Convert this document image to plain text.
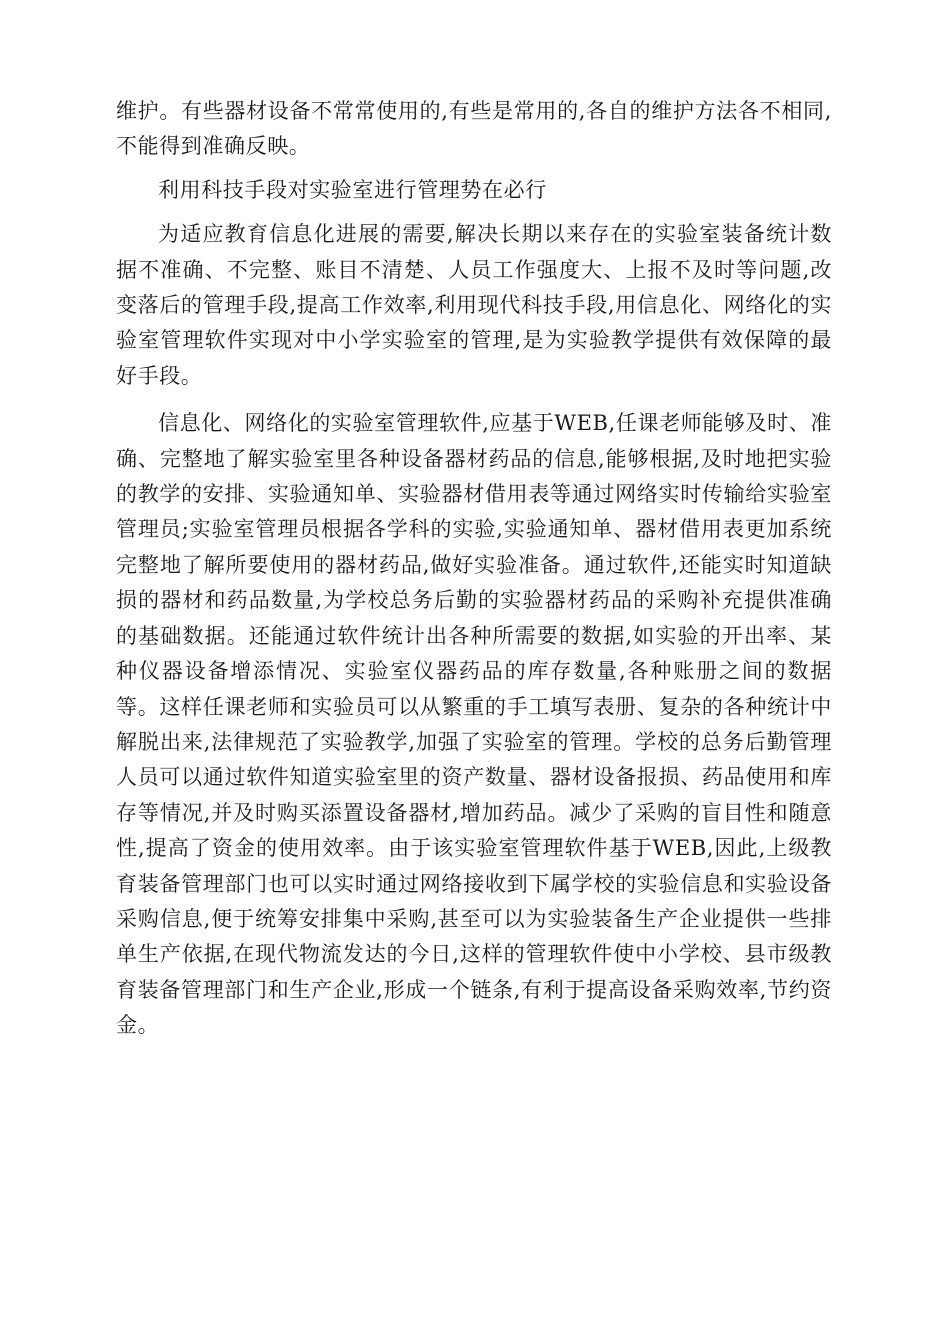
维护。有些器材设备不常常使用的,有些是常用的,各自的维护方法各不相同,不能得到准确反映。

利用科技手段对实验室进行管理势在必行

为适应教育信息化进展的需要,解决长期以来存在的实验室装备统计数据不准确、不完整、账目不清楚、人员工作强度大、上报不及时等问题,改变落后的管理手段,提高工作效率,利用现代科技手段,用信息化、网络化的实验室管理软件实现对中小学实验室的管理,是为实验教学提供有效保障的最好手段。

信息化、网络化的实验室管理软件,应基于WEB,任课老师能够及时、准确、完整地了解实验室里各种设备器材药品的信息,能够根据,及时地把实验的教学的安排、实验通知单、实验器材借用表等通过网络实时传输给实验室管理员;实验室管理员根据各学科的实验,实验通知单、器材借用表更加系统完整地了解所要使用的器材药品,做好实验准备。通过软件,还能实时知道缺损的器材和药品数量,为学校总务后勤的实验器材药品的采购补充提供准确的基础数据。还能通过软件统计出各种所需要的数据,如实验的开出率、某种仪器设备增添情况、实验室仪器药品的库存数量,各种账册之间的数据等。这样任课老师和实验员可以从繁重的手工填写表册、复杂的各种统计中解脱出来,法律规范了实验教学,加强了实验室的管理。学校的总务后勤管理人员可以通过软件知道实验室里的资产数量、器材设备报损、药品使用和库存等情况,并及时购买添置设备器材,增加药品。减少了采购的盲目性和随意性,提高了资金的使用效率。由于该实验室管理软件基于WEB,因此,上级教育装备管理部门也可以实时通过网络接收到下属学校的实验信息和实验设备采购信息,便于统筹安排集中采购,甚至可以为实验装备生产企业提供一些排单生产依据,在现代物流发达的今日,这样的管理软件使中小学校、县市级教育装备管理部门和生产企业,形成一个链条,有利于提高设备采购效率,节约资金。
